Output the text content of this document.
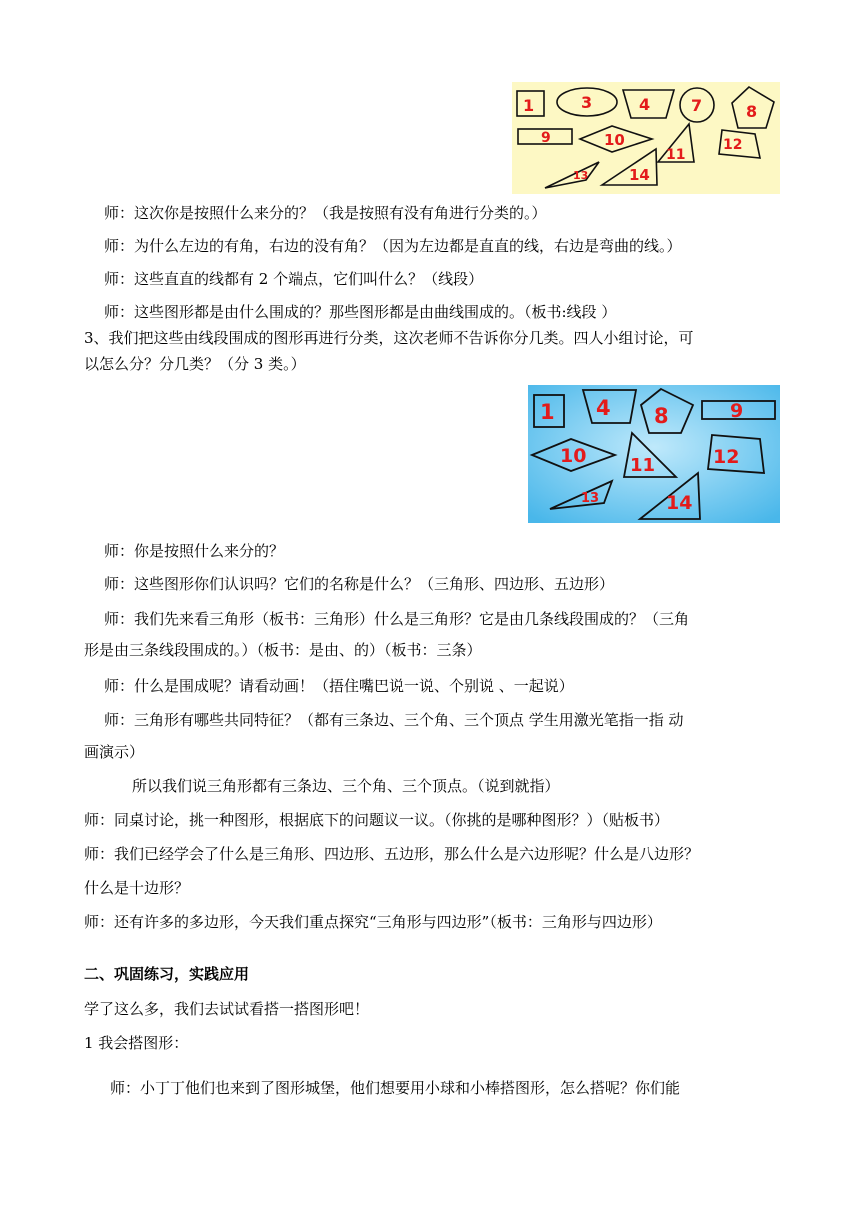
1	3	4	7	8
9	10
11
12
13	14
师：这次你是按照什么来分的？（我是按照有没有角进行分类的。）
师：为什么左边的有角，右边的没有角？（因为左边都是直直的线，右边是弯曲的线。）
师：这些直直的线都有 2 个端点，它们叫什么？（线段）
师：这些图形都是由什么围成的？那些图形都是由曲线围成的。（板书:线段 ）
3、我们把这些由线段围成的图形再进行分类，这次老师不告诉你分几类。四人小组讨论，可
以怎么分？分几类？（分 3 类。）
1 4 8	9
10 11	12
13	14
师：你是按照什么来分的？
师：这些图形你们认识吗？它们的名称是什么？（三角形、四边形、五边形）
师：我们先来看三角形（板书：三角形）什么是三角形？它是由几条线段围成的？（三角
形是由三条线段围成的。）（板书：是由、的）（板书：三条）
师：什么是围成呢？请看动画！（捂住嘴巴说一说、个别说 、一起说）
师：三角形有哪些共同特征？（都有三条边、三个角、三个顶点 学生用激光笔指一指 动
画演示）
所以我们说三角形都有三条边、三个角、三个顶点。（说到就指）
师：同桌讨论，挑一种图形，根据底下的问题议一议。（你挑的是哪种图形？）（贴板书）
师：我们已经学会了什么是三角形、四边形、五边形，那么什么是六边形呢？什么是八边形？
什么是十边形？
师：还有许多的多边形，今天我们重点探究“三角形与四边形”（板书：三角形与四边形）
二、巩固练习，实践应用
学了这么多，我们去试试看搭一搭图形吧！
1 我会搭图形：
师：小丁丁他们也来到了图形城堡，他们想要用小球和小棒搭图形，怎么搭呢？你们能
